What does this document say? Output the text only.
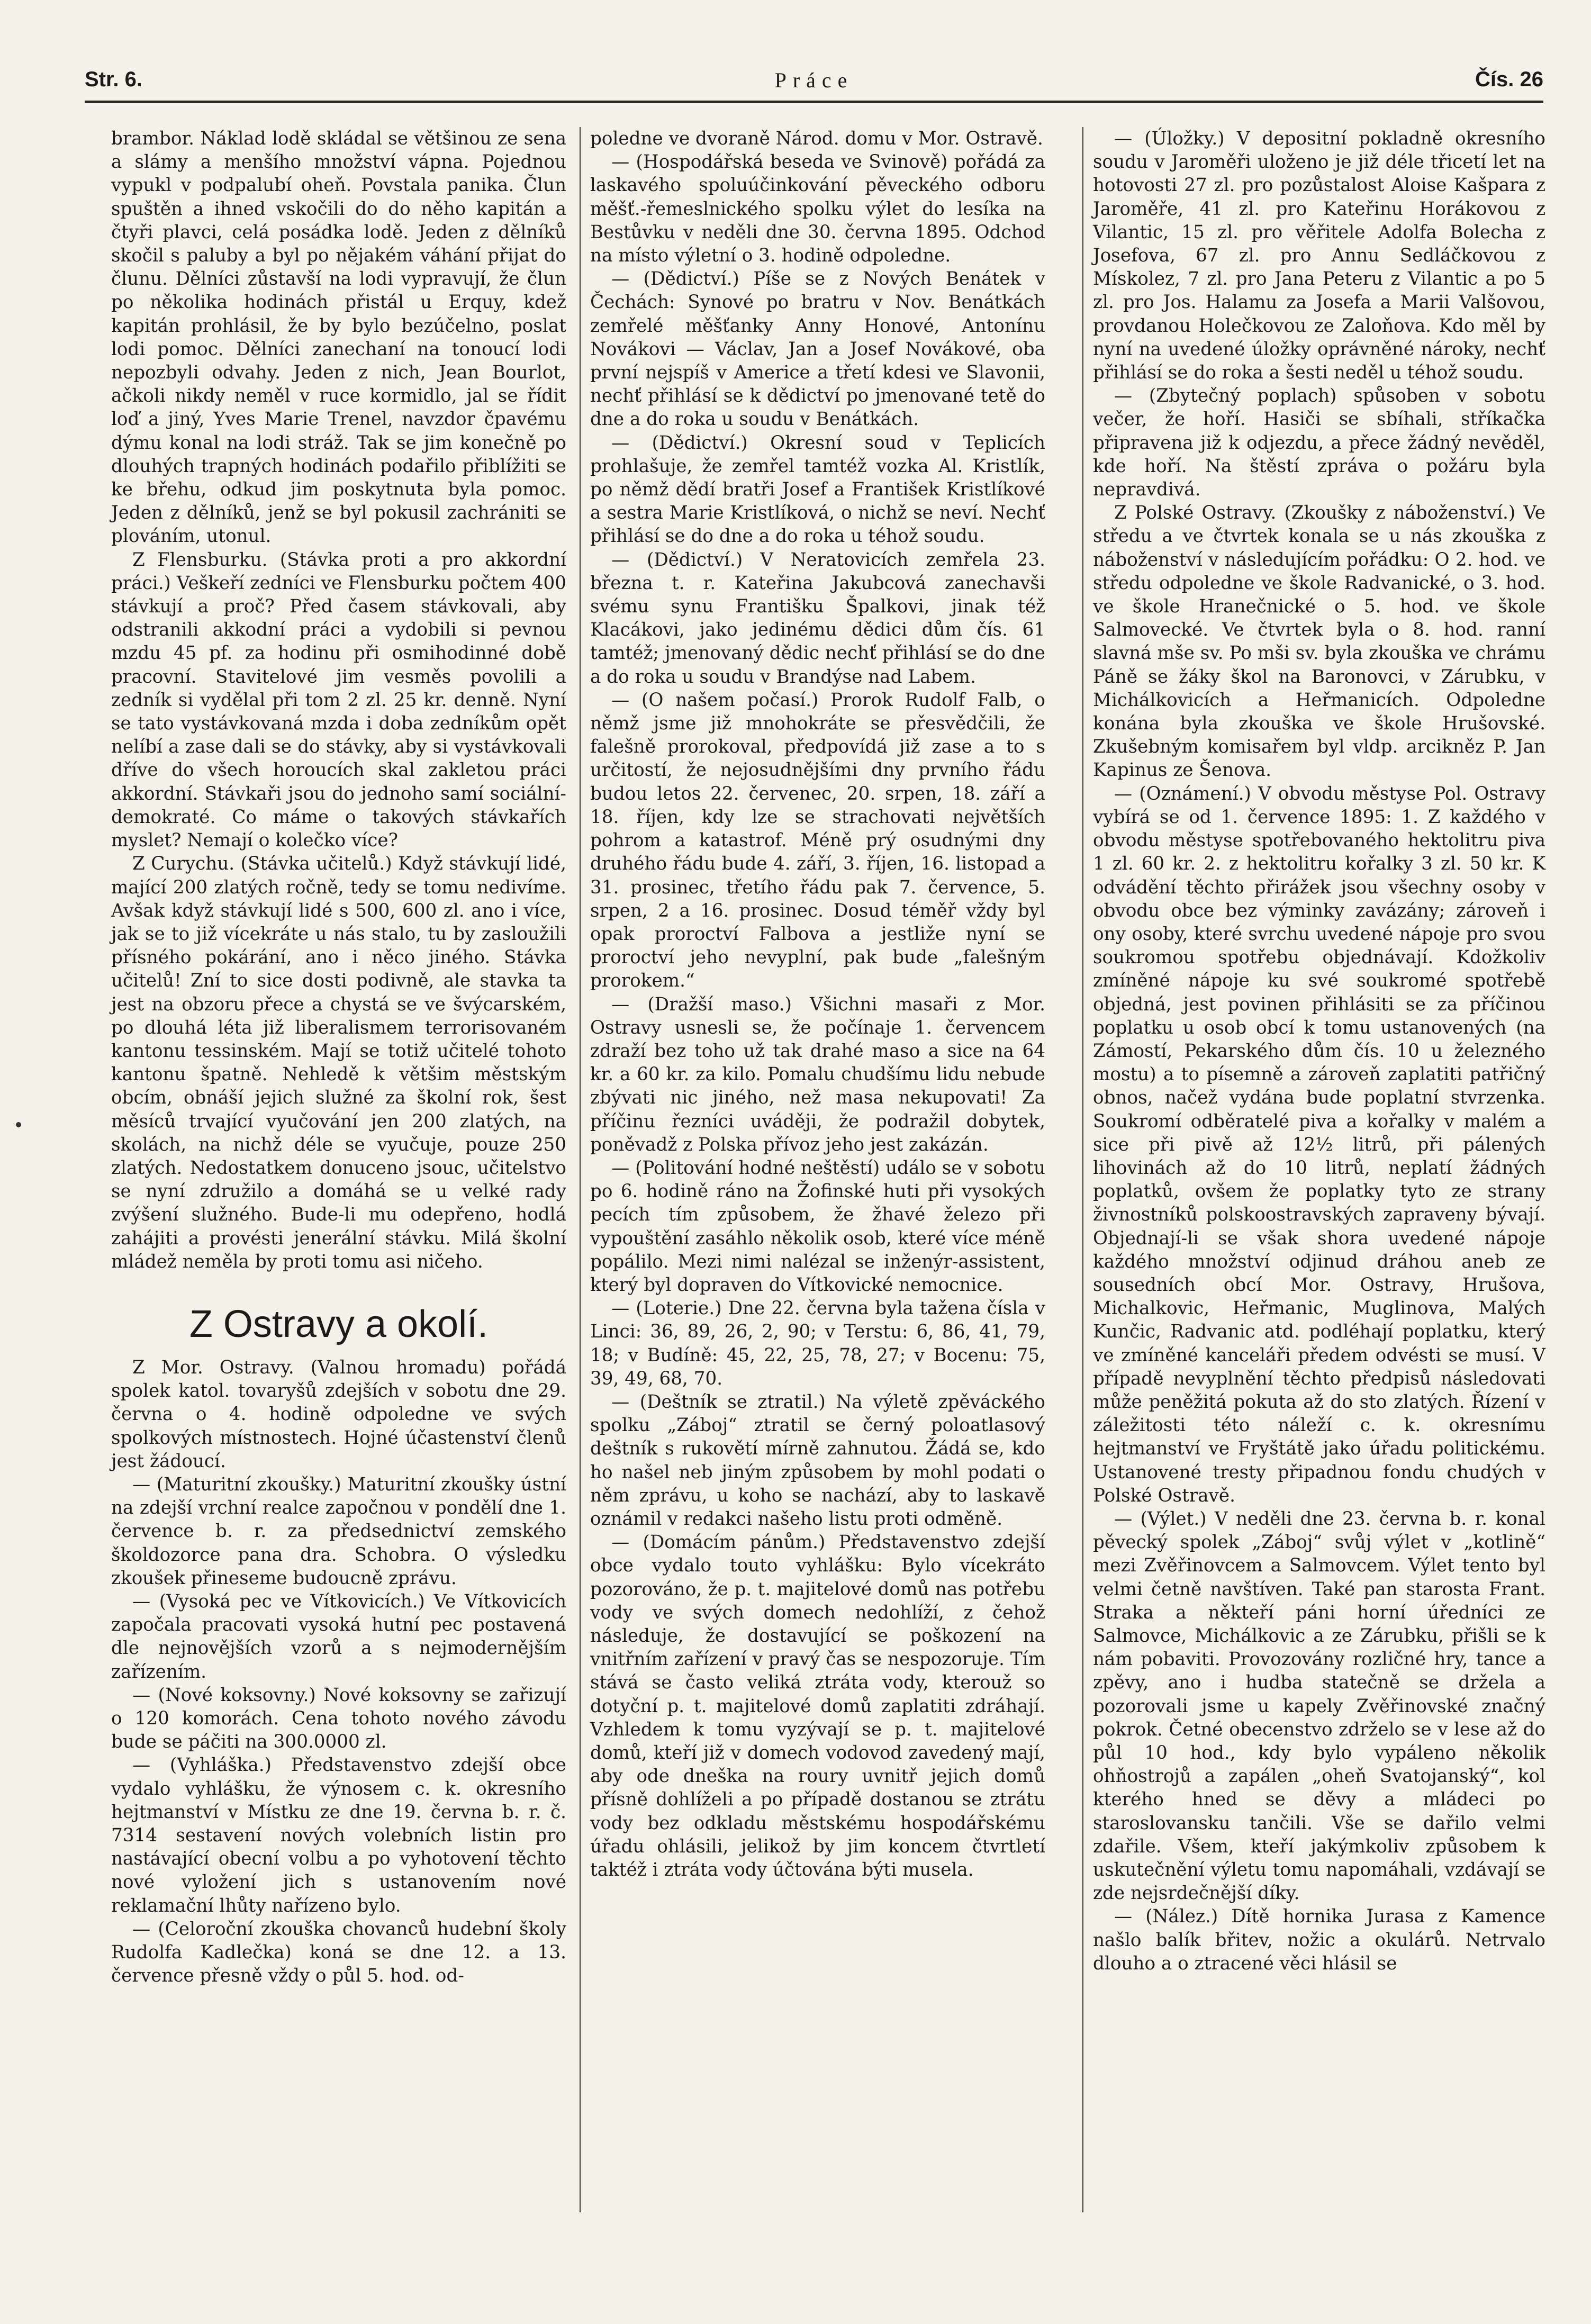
Str. 6.	Práce	Čís. 26

brambor. Náklad lodě skládal se většinou ze sena a slámy a menšího množství vápna. Pojednou vypukl v podpalubí oheň. Povstala panika. Člun spuštěn a ihned vskočili do do něho kapitán a čtyři plavci, celá posádka lodě. Jeden z dělníků skočil s paluby a byl po nějakém váhání přijat do člunu. Dělníci zůstavší na lodi vypravují, že člun po několika hodinách přistál u Erquy, kdež kapitán prohlásil, že by bylo bezúčelno, poslat lodi pomoc. Dělníci zanechaní na tonoucí lodi nepozbyli odvahy. Jeden z nich, Jean Bourlot, ačkoli nikdy neměl v ruce kormidlo, jal se řídit loď a jiný, Yves Marie Trenel, navzdor čpavému dýmu konal na lodi stráž. Tak se jim konečně po dlouhých trapných hodinách podařilo přiblížiti se ke břehu, odkud jim poskytnuta byla pomoc. Jeden z dělníků, jenž se byl pokusil zachrániti se plováním, utonul.

Z Flensburku. (Stávka proti a pro akkordní práci.) Veškeří zedníci ve Flensburku počtem 400 stávkují a proč? Před časem stávkovali, aby odstranili akkodní práci a vydobili si pevnou mzdu 45 pf. za hodinu při osmihodinné době pracovní. Stavitelové jim vesměs povolili a zedník si vydělal při tom 2 zl. 25 kr. denně. Nyní se tato vystávkovaná mzda i doba zedníkům opět nelíbí a zase dali se do stávky, aby si vystávkovali dříve do všech horoucích skal zakletou práci akkordní. Stávkaři jsou do jednoho samí sociální-demokraté. Co máme o takových stávkařích myslet? Nemají o kolečko více?

Z Curychu. (Stávka učitelů.) Když stávkují lidé, mající 200 zlatých ročně, tedy se tomu nedivíme. Avšak když stávkují lidé s 500, 600 zl. ano i více, jak se to již vícekráte u nás stalo, tu by zasloužili přísného pokárání, ano i něco jiného. Stávka učitelů! Zní to sice dosti podivně, ale stavka ta jest na obzoru přece a chystá se ve švýcarském, po dlouhá léta již liberalismem terrorisovaném kantonu tessinském. Mají se totiž učitelé tohoto kantonu špatně. Nehledě k většim městským obcím, obnáší jejich služné za školní rok, šest měsíců trvající vyučování jen 200 zlatých, na skolách, na nichž déle se vyučuje, pouze 250 zlatých. Nedostatkem donuceno jsouc, učitelstvo se nyní združilo a domáhá se u velké rady zvýšení služného. Bude-li mu odepřeno, hodlá zahájiti a provésti jenerální stávku. Milá školní mládež neměla by proti tomu asi ničeho.

Z Ostravy a okolí.

Z Mor. Ostravy. (Valnou hromadu) pořádá spolek katol. tovaryšů zdejších v sobotu dne 29. června o 4. hodině odpoledne ve svých spolkových místnostech. Hojné účastenství členů jest žádoucí.

— (Maturitní zkoušky.) Maturitní zkoušky ústní na zdejší vrchní realce započnou v pondělí dne 1. července b. r. za předsednictví zemského školdozorce pana dra. Schobra. O výsledku zkoušek přineseme budoucně zprávu.

— (Vysoká pec ve Vítkovicích.) Ve Vítkovicích započala pracovati vysoká hutní pec postavená dle nejnovějších vzorů a s nejmodernějším zařízením.

— (Nové koksovny.) Nové koksovny se zařizují o 120 komorách. Cena tohoto nového závodu bude se páčiti na 300.0000 zl.

— (Vyhláška.) Představenstvo zdejší obce vydalo vyhlášku, že výnosem c. k. okresního hejtmanství v Místku ze dne 19. června b. r. č. 7314 sestavení nových volebních listin pro nastávající obecní volbu a po vyhotovení těchto nové vyložení jich s ustanovením nové reklamační lhůty nařízeno bylo.

— (Celoroční zkouška chovanců hudební školy Rudolfa Kadlečka) koná se dne 12. a 13. července přesně vždy o půl 5. hod. od-

poledne ve dvoraně Národ. domu v Mor. Ostravě.

— (Hospodářská beseda ve Svinově) pořádá za laskavého spoluúčinkování pěveckého odboru měšť.-řemeslnického spolku výlet do lesíka na Bestůvku v neděli dne 30. června 1895. Odchod na místo výletní o 3. hodině odpoledne.

— (Dědictví.) Píše se z Nových Benátek v Čechách: Synové po bratru v Nov. Benátkách zemřelé měšťanky Anny Honové, Antonínu Novákovi — Václav, Jan a Josef Novákové, oba první nejspíš v Americe a třetí kdesi ve Slavonii, nechť přihlásí se k dědictví po jmenované tetě do dne a do roka u soudu v Benátkách.

— (Dědictví.) Okresní soud v Teplicích prohlašuje, že zemřel tamtéž vozka Al. Kristlík, po němž dědí bratři Josef a František Kristlíkové a sestra Marie Kristlíková, o nichž se neví. Nechť přihlásí se do dne a do roka u téhož soudu.

— (Dědictví.) V Neratovicích zemřela 23. března t. r. Kateřina Jakubcová zanechavši svému synu Františku Špalkovi, jinak též Klacákovi, jako jedinému dědici dům čís. 61 tamtéž; jmenovaný dědic nechť přihlásí se do dne a do roka u soudu v Brandýse nad Labem.

— (O našem počasí.) Prorok Rudolf Falb, o němž jsme již mnohokráte se přesvědčili, že falešně prorokoval, předpovídá již zase a to s určitostí, že nejosudnějšími dny prvního řádu budou letos 22. červenec, 20. srpen, 18. září a 18. říjen, kdy lze se strachovati největších pohrom a katastrof. Méně prý osudnými dny druhého řádu bude 4. září, 3. říjen, 16. listopad a 31. prosinec, třetího řádu pak 7. července, 5. srpen, 2 a 16. prosinec. Dosud téměř vždy byl opak proroctví Falbova a jestliže nyní se proroctví jeho nevyplní, pak bude „falešným prorokem.“

— (Dražší maso.) Všichni masaři z Mor. Ostravy usnesli se, že počínaje 1. červencem zdraží bez toho už tak drahé maso a sice na 64 kr. a 60 kr. za kilo. Pomalu chudšímu lidu nebude zbývati nic jiného, než masa nekupovati! Za příčinu řezníci uváději, že podražil dobytek, poněvadž z Polska přívoz jeho jest zakázán.

— (Politování hodné neštěstí) událo se v sobotu po 6. hodině ráno na Žofinské huti při vysokých pecích tím způsobem, že žhavé železo při vypouštění zasáhlo několik osob, které více méně popálilo. Mezi nimi nalézal se inženýr-assistent, který byl dopraven do Vítkovické nemocnice.

— (Loterie.) Dne 22. června byla tažena čísla v Linci: 36, 89, 26, 2, 90; v Terstu: 6, 86, 41, 79, 18; v Budíně: 45, 22, 25, 78, 27; v Bocenu: 75, 39, 49, 68, 70.

— (Deštník se ztratil.) Na výletě zpěváckého spolku „Záboj“ ztratil se černý poloatlasový deštník s rukovětí mírně zahnutou. Žádá se, kdo ho našel neb jiným způsobem by mohl podati o něm zprávu, u koho se nachází, aby to laskavě oznámil v redakci našeho listu proti odměně.

— (Domácím pánům.) Představenstvo zdejší obce vydalo touto vyhlášku: Bylo vícekráto pozorováno, že p. t. majitelové domů nas potřebu vody ve svých domech nedohlíží, z čehož následuje, že dostavující se poškození na vnitřním zařízení v pravý čas se nespozoruje. Tím stává se často veliká ztráta vody, kterouž so dotyční p. t. majitelové domů zaplatiti zdráhají. Vzhledem k tomu vyzývají se p. t. majitelové domů, kteří již v domech vodovod zavedený mají, aby ode dneška na roury uvnitř jejich domů přísně dohlíželi a po případě dostanou se ztrátu vody bez odkladu městskému hospodářskému úřadu ohlásili, jelikož by jim koncem čtvrtletí taktéž i ztráta vody účtována býti musela.

— (Úložky.) V depositní pokladně okresního soudu v Jaroměři uloženo je již déle třicetí let na hotovosti 27 zl. pro pozůstalost Aloise Kašpara z Jaroměře, 41 zl. pro Kateřinu Horákovou z Vilantic, 15 zl. pro věřitele Adolfa Bolecha z Josefova, 67 zl. pro Annu Sedláčkovou z Mískolez, 7 zl. pro Jana Peteru z Vilantic a po 5 zl. pro Jos. Halamu za Josefa a Marii Valšovou, provdanou Holečkovou ze Zaloňova. Kdo měl by nyní na uvedené úložky oprávněné nároky, nechť přihlásí se do roka a šesti neděl u téhož soudu.

— (Zbytečný poplach) spůsoben v sobotu večer, že hoří. Hasiči se sbíhali, stříkačka připravena již k odjezdu, a přece žádný nevěděl, kde hoří. Na štěstí zpráva o požáru byla nepravdivá.

Z Polské Ostravy. (Zkoušky z náboženství.) Ve středu a ve čtvrtek konala se u nás zkouška z náboženství v následujícím pořádku: O 2. hod. ve středu odpoledne ve škole Radvanické, o 3. hod. ve škole Hranečnické o 5. hod. ve škole Salmovecké. Ve čtvrtek byla o 8. hod. ranní slavná mše sv. Po mši sv. byla zkouška ve chrámu Páně se žáky škol na Baronovci, v Zárubku, v Michálkovicích a Heřmanicích. Odpoledne konána byla zkouška ve škole Hrušovské. Zkušebným komisařem byl vldp. arcikněz P. Jan Kapinus ze Šenova.

— (Oznámení.) V obvodu městyse Pol. Ostravy vybírá se od 1. července 1895: 1. Z každého v obvodu městyse spotřebovaného hektolitru piva 1 zl. 60 kr. 2. z hektolitru kořalky 3 zl. 50 kr. K odvádění těchto přirážek jsou všechny osoby v obvodu obce bez výminky zavázány; zároveň i ony osoby, které svrchu uvedené nápoje pro svou soukromou spotřebu objednávají. Kdožkoliv zmíněné nápoje ku své soukromé spotřebě objedná, jest povinen přihlásiti se za příčinou poplatku u osob obcí k tomu ustanovených (na Zámostí, Pekarského dům čís. 10 u železného mostu) a to písemně a zároveň zaplatiti patřičný obnos, načež vydána bude poplatní stvrzenka. Soukromí odběratelé piva a kořalky v malém a sice při pivě až 12½ litrů, při pálených lihovinách až do 10 litrů, neplatí žádných poplatků, ovšem že poplatky tyto ze strany živnostníků polskoostravských zapraveny bývají. Objednají-li se však shora uvedené nápoje každého množství odjinud dráhou aneb ze sousedních obcí Mor. Ostravy, Hrušova, Michalkovic, Heřmanic, Muglinova, Malých Kunčic, Radvanic atd. podléhají poplatku, který ve zmíněné kanceláři předem odvésti se musí. V případě nevyplnění těchto předpisů následovati může peněžitá pokuta až do sto zlatých. Řízení v záležitosti této náleží c. k. okresnímu hejtmanství ve Fryštátě jako úřadu politickému. Ustanovené tresty připadnou fondu chudých v Polské Ostravě.

— (Výlet.) V neděli dne 23. června b. r. konal pěvecký spolek „Záboj“ svůj výlet v „kotlině“ mezi Zvěřinovcem a Salmovcem. Výlet tento byl velmi četně navštíven. Také pan starosta Frant. Straka a někteří páni horní úředníci ze Salmovce, Michálkovic a ze Zárubku, přišli se k nám pobaviti. Provozovány rozličné hry, tance a zpěvy, ano i hudba statečně se držela a pozorovali jsme u kapely Zvěřinovské značný pokrok. Četné obecenstvo zdrželo se v lese až do půl 10 hod., kdy bylo vypáleno několik ohňostrojů a zapálen „oheň Svatojanský“, kol kterého hned se děvy a mládeci po staroslovansku tančili. Vše se dařilo velmi zdařile. Všem, kteří jakýmkoliv způsobem k uskutečnění výletu tomu napomáhali, vzdávají se zde nejsrdečnější díky.

— (Nález.) Dítě hornika Jurasa z Kamence našlo balík břitev, nožic a okulárů. Netrvalo dlouho a o ztracené věci hlásil se
